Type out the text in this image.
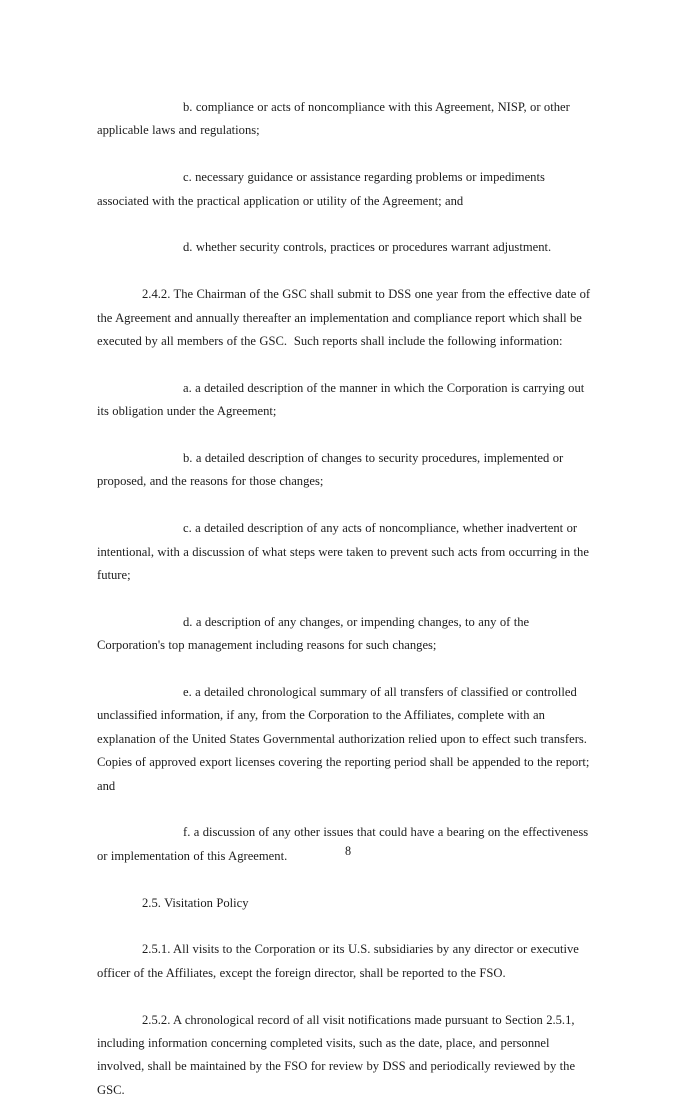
b. compliance or acts of noncompliance with this Agreement, NISP, or other applicable laws and regulations;

c. necessary guidance or assistance regarding problems or impediments associated with the practical application or utility of the Agreement; and

d. whether security controls, practices or procedures warrant adjustment.

2.4.2. The Chairman of the GSC shall submit to DSS one year from the effective date of the Agreement and annually thereafter an implementation and compliance report which shall be executed by all members of the GSC.  Such reports shall include the following information:

a. a detailed description of the manner in which the Corporation is carrying out its obligation under the Agreement;

b. a detailed description of changes to security procedures, implemented or proposed, and the reasons for those changes;

c. a detailed description of any acts of noncompliance, whether inadvertent or intentional, with a discussion of what steps were taken to prevent such acts from occurring in the future;

d. a description of any changes, or impending changes, to any of the Corporation's top management including reasons for such changes;

e. a detailed chronological summary of all transfers of classified or controlled unclassified information, if any, from the Corporation to the Affiliates, complete with an explanation of the United States Governmental authorization relied upon to effect such transfers.  Copies of approved export licenses covering the reporting period shall be appended to the report; and

f. a discussion of any other issues that could have a bearing on the effectiveness or implementation of this Agreement.

2.5. Visitation Policy

2.5.1. All visits to the Corporation or its U.S. subsidiaries by any director or executive officer of the Affiliates, except the foreign director, shall be reported to the FSO.

2.5.2. A chronological record of all visit notifications made pursuant to Section 2.5.1, including information concerning completed visits, such as the date, place, and personnel involved, shall be maintained by the FSO for review by DSS and periodically reviewed by the GSC.

8
